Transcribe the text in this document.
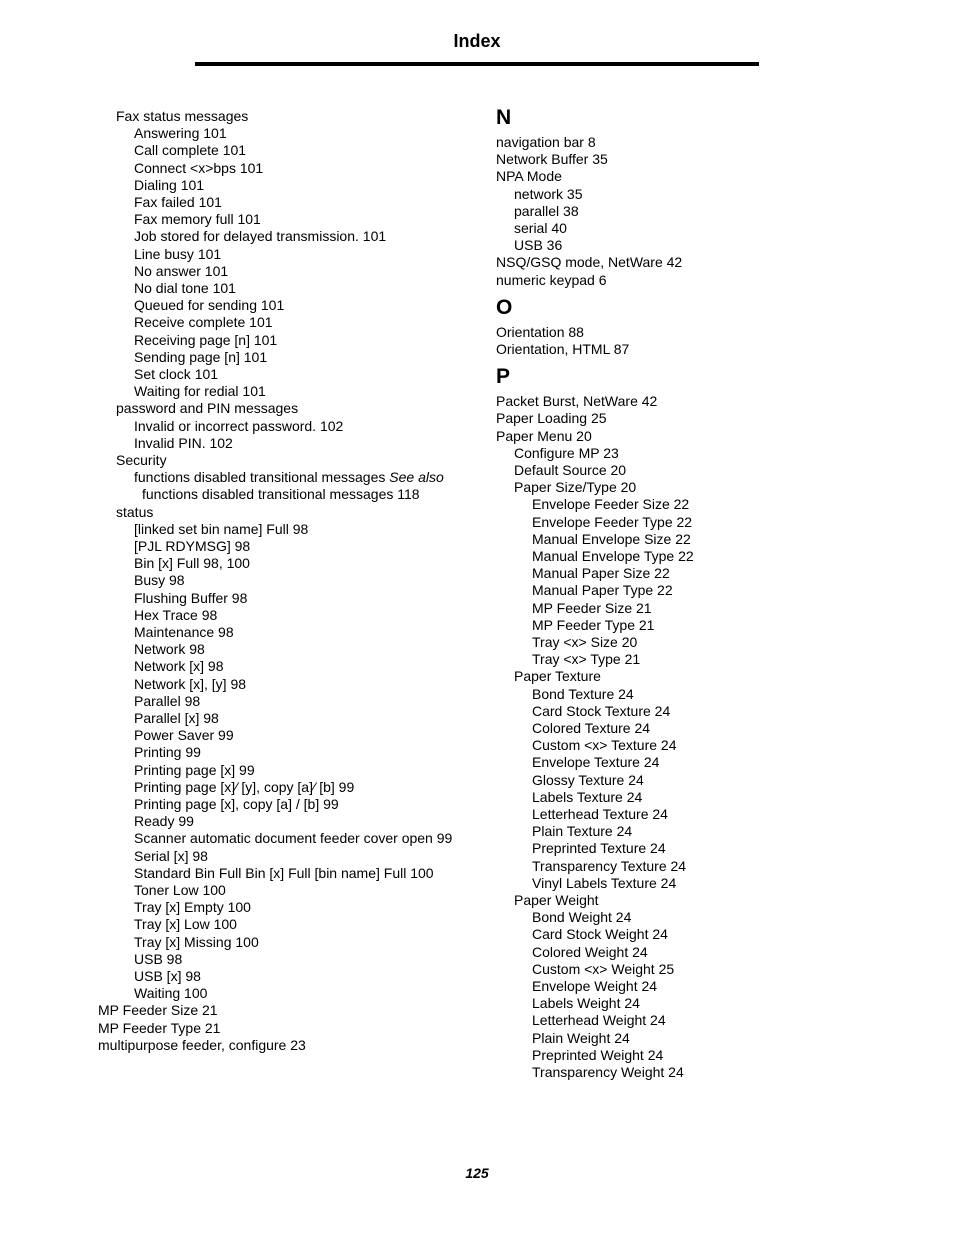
Index
Fax status messages
Answering 101
Call complete 101
Connect <x>bps 101
Dialing 101
Fax failed 101
Fax memory full 101
Job stored for delayed transmission. 101
Line busy 101
No answer 101
No dial tone 101
Queued for sending 101
Receive complete 101
Receiving page [n] 101
Sending page [n] 101
Set clock 101
Waiting for redial 101
password and PIN messages
Invalid or incorrect password. 102
Invalid PIN. 102
Security
functions disabled transitional messages See also
functions disabled transitional messages 118
status
[linked set bin name] Full 98
[PJL RDYMSG] 98
Bin [x] Full 98, 100
Busy 98
Flushing Buffer 98
Hex Trace 98
Maintenance 98
Network 98
Network [x] 98
Network [x], [y] 98
Parallel 98
Parallel [x] 98
Power Saver 99
Printing 99
Printing page [x] 99
Printing page [x]⁄ [y], copy [a]⁄ [b] 99
Printing page [x], copy [a] / [b] 99
Ready 99
Scanner automatic document feeder cover open 99
Serial [x] 98
Standard Bin Full Bin [x] Full [bin name] Full 100
Toner Low 100
Tray [x] Empty 100
Tray [x] Low 100
Tray [x] Missing 100
USB 98
USB [x] 98
Waiting 100
MP Feeder Size 21
MP Feeder Type 21
multipurpose feeder, configure 23
N
navigation bar 8
Network Buffer 35
NPA Mode
network 35
parallel 38
serial 40
USB 36
NSQ/GSQ mode, NetWare 42
numeric keypad 6
O
Orientation 88
Orientation, HTML 87
P
Packet Burst, NetWare 42
Paper Loading 25
Paper Menu 20
Configure MP 23
Default Source 20
Paper Size/Type 20
Envelope Feeder Size 22
Envelope Feeder Type 22
Manual Envelope Size 22
Manual Envelope Type 22
Manual Paper Size 22
Manual Paper Type 22
MP Feeder Size 21
MP Feeder Type 21
Tray <x> Size 20
Tray <x> Type 21
Paper Texture
Bond Texture 24
Card Stock Texture 24
Colored Texture 24
Custom <x> Texture 24
Envelope Texture 24
Glossy Texture 24
Labels Texture 24
Letterhead Texture 24
Plain Texture 24
Preprinted Texture 24
Transparency Texture 24
Vinyl Labels Texture 24
Paper Weight
Bond Weight 24
Card Stock Weight 24
Colored Weight 24
Custom <x> Weight 25
Envelope Weight 24
Labels Weight 24
Letterhead Weight 24
Plain Weight 24
Preprinted Weight 24
Transparency Weight 24
125
